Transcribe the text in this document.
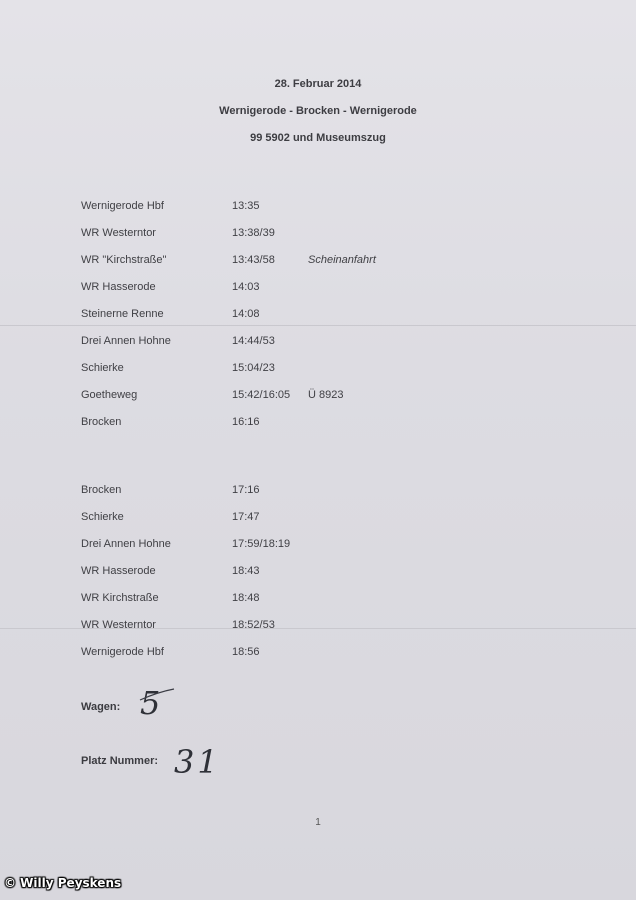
28. Februar 2014
Wernigerode - Brocken - Wernigerode
99 5902 und Museumszug
Wernigerode Hbf	13:35
WR Westerntor	13:38/39
WR "Kirchstraße"	13:43/58	Scheinanfahrt
WR Hasserode	14:03
Steinerne Renne	14:08
Drei Annen Hohne	14:44/53
Schierke	15:04/23
Goetheweg	15:42/16:05 Ü 8923
Brocken	16:16
Brocken	17:16
Schierke	17:47
Drei Annen Hohne	17:59/18:19
WR Hasserode	18:43
WR Kirchstraße	18:48
WR Westerntor	18:52/53
Wernigerode Hbf	18:56
Wagen: 5
Platz Nummer: 31
1
© Willy Peyskens
